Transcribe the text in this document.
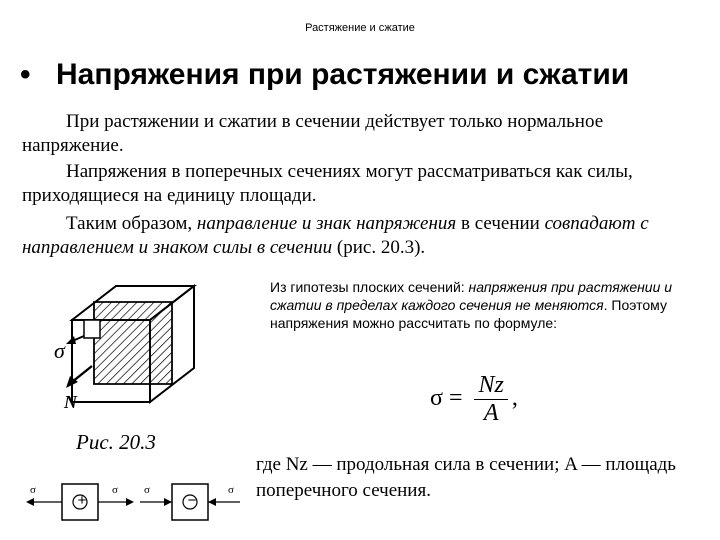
Растяжение и сжатие
• Напряжения при растяжении и сжатии
При растяжении и сжатии в сечении действует только нормальное напряжение.
Напряжения в поперечных сечениях могут рассматриваться как силы, приходящиеся на единицу площади.
Таким образом, направление и знак напряжения в сечении совпадают с направлением и знаком силы в сечении (рис. 20.3).
σ
N
Из гипотезы плоских сечений: напряжения при растяжении и сжатии в пределах каждого сечения не меняются. Поэтому напряжения можно рассчитать по формуле:
$\sigma = \frac{Nz}{A}$ ,
Рис. 20.3
где Nz — продольная сила в сечении; A — площадь поперечного сечения.
σ	σ σ	σ
+	−
